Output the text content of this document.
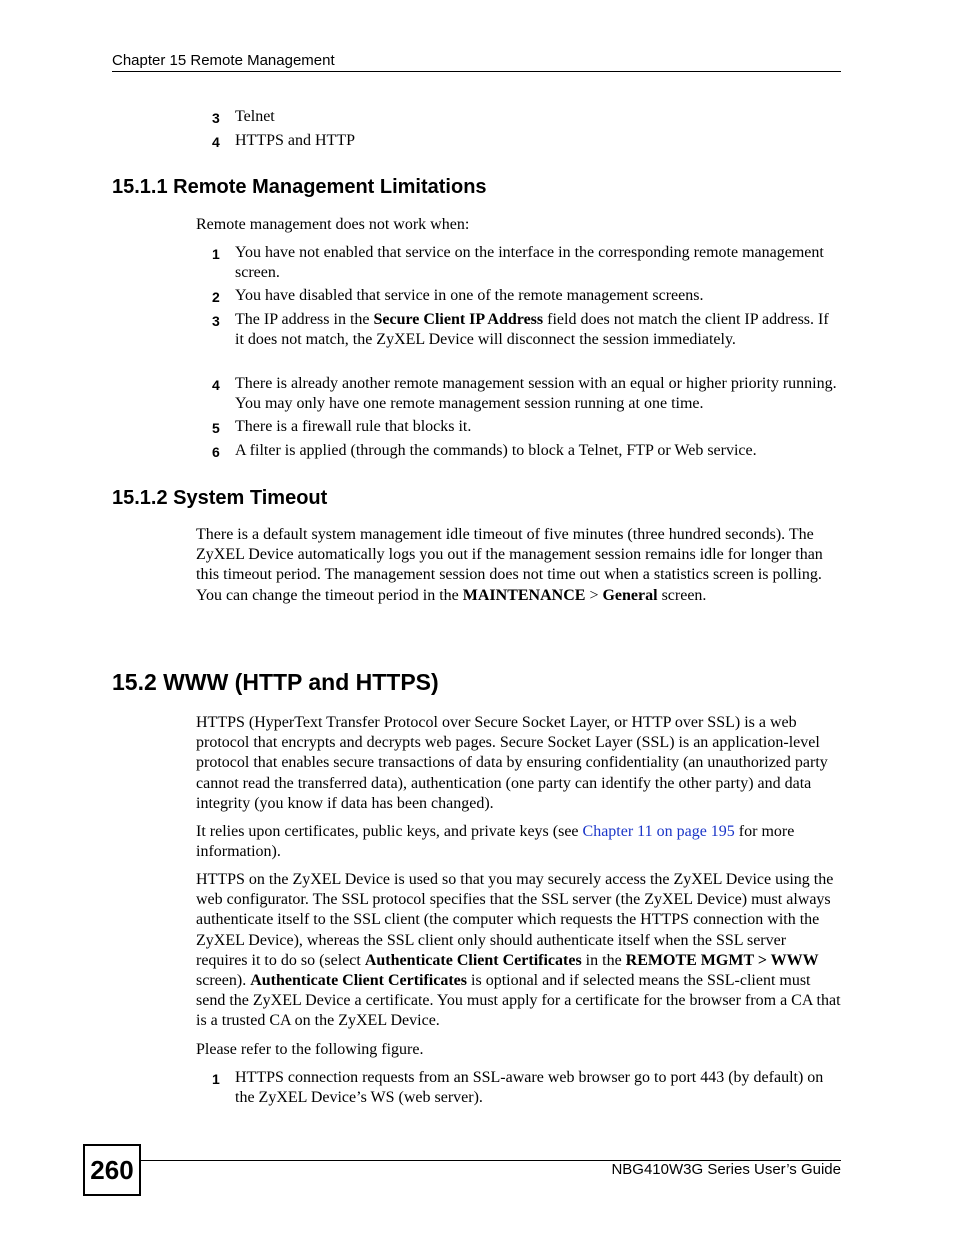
Chapter 15 Remote Management
3 Telnet
4 HTTPS and HTTP
15.1.1 Remote Management Limitations
Remote management does not work when:
1 You have not enabled that service on the interface in the corresponding remote management screen.
2 You have disabled that service in one of the remote management screens.
3 The IP address in the Secure Client IP Address field does not match the client IP address. If it does not match, the ZyXEL Device will disconnect the session immediately.
4 There is already another remote management session with an equal or higher priority running. You may only have one remote management session running at one time.
5 There is a firewall rule that blocks it.
6 A filter is applied (through the commands) to block a Telnet, FTP or Web service.
15.1.2 System Timeout
There is a default system management idle timeout of five minutes (three hundred seconds). The ZyXEL Device automatically logs you out if the management session remains idle for longer than this timeout period. The management session does not time out when a statistics screen is polling. You can change the timeout period in the MAINTENANCE > General screen.
15.2 WWW (HTTP and HTTPS)
HTTPS (HyperText Transfer Protocol over Secure Socket Layer, or HTTP over SSL) is a web protocol that encrypts and decrypts web pages. Secure Socket Layer (SSL) is an application-level protocol that enables secure transactions of data by ensuring confidentiality (an unauthorized party cannot read the transferred data), authentication (one party can identify the other party) and data integrity (you know if data has been changed).
It relies upon certificates, public keys, and private keys (see Chapter 11 on page 195 for more information).
HTTPS on the ZyXEL Device is used so that you may securely access the ZyXEL Device using the web configurator. The SSL protocol specifies that the SSL server (the ZyXEL Device) must always authenticate itself to the SSL client (the computer which requests the HTTPS connection with the ZyXEL Device), whereas the SSL client only should authenticate itself when the SSL server requires it to do so (select Authenticate Client Certificates in the REMOTE MGMT > WWW screen). Authenticate Client Certificates is optional and if selected means the SSL-client must send the ZyXEL Device a certificate. You must apply for a certificate for the browser from a CA that is a trusted CA on the ZyXEL Device.
Please refer to the following figure.
1 HTTPS connection requests from an SSL-aware web browser go to port 443 (by default) on the ZyXEL Device’s WS (web server).
260	NBG410W3G Series User’s Guide
